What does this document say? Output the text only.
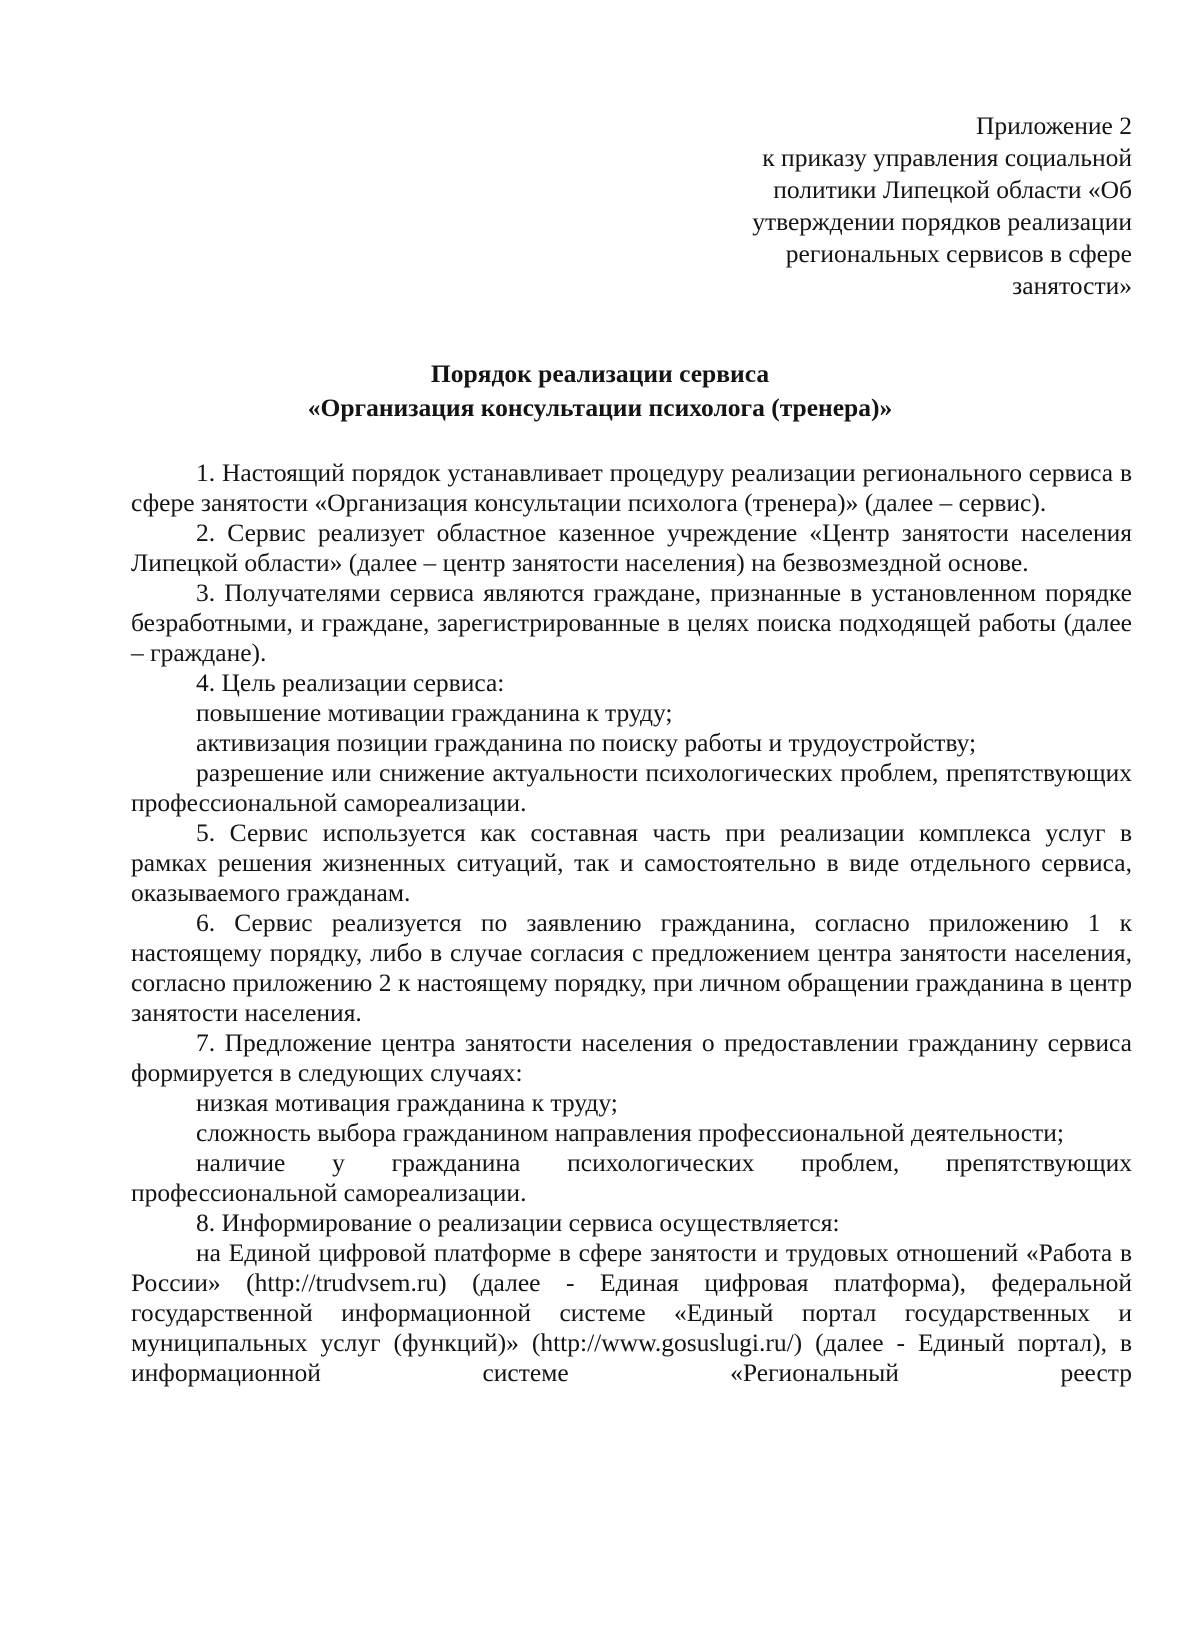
Приложение 2
к приказу управления социальной
политики Липецкой области «Об
утверждении порядков реализации
региональных сервисов в сфере
занятости»
Порядок реализации сервиса
«Организация консультации психолога (тренера)»

1. Настоящий порядок устанавливает процедуру реализации регионального сервиса в сфере занятости «Организация консультации психолога (тренера)» (далее – сервис).

2. Сервис реализует областное казенное учреждение «Центр занятости населения Липецкой области» (далее – центр занятости населения) на безвозмездной основе.

3. Получателями сервиса являются граждане, признанные в установленном порядке безработными, и граждане, зарегистрированные в целях поиска подходящей работы (далее – граждане).

4. Цель реализации сервиса:

повышение мотивации гражданина к труду;

активизация позиции гражданина по поиску работы и трудоустройству;

разрешение или снижение актуальности психологических проблем, препятствующих профессиональной самореализации.

5. Сервис используется как составная часть при реализации комплекса услуг в рамках решения жизненных ситуаций, так и самостоятельно в виде отдельного сервиса, оказываемого гражданам.

6. Сервис реализуется по заявлению гражданина, согласно приложению 1 к настоящему порядку, либо в случае согласия с предложением центра занятости населения, согласно приложению 2 к настоящему порядку, при личном обращении гражданина в центр занятости населения.

7. Предложение центра занятости населения о предоставлении гражданину сервиса формируется в следующих случаях:

низкая мотивация гражданина к труду;

сложность выбора гражданином направления профессиональной деятельности;

наличие у гражданина психологических проблем, препятствующих профессиональной самореализации.

8. Информирование о реализации сервиса осуществляется:

на Единой цифровой платформе в сфере занятости и трудовых отношений «Работа в России» (http://trudvsem.ru) (далее - Единая цифровая платформа), федеральной государственной информационной системе «Единый портал государственных и муниципальных услуг (функций)» (http://www.gosuslugi.ru/) (далее - Единый портал), в информационной системе «Региональный реестр
